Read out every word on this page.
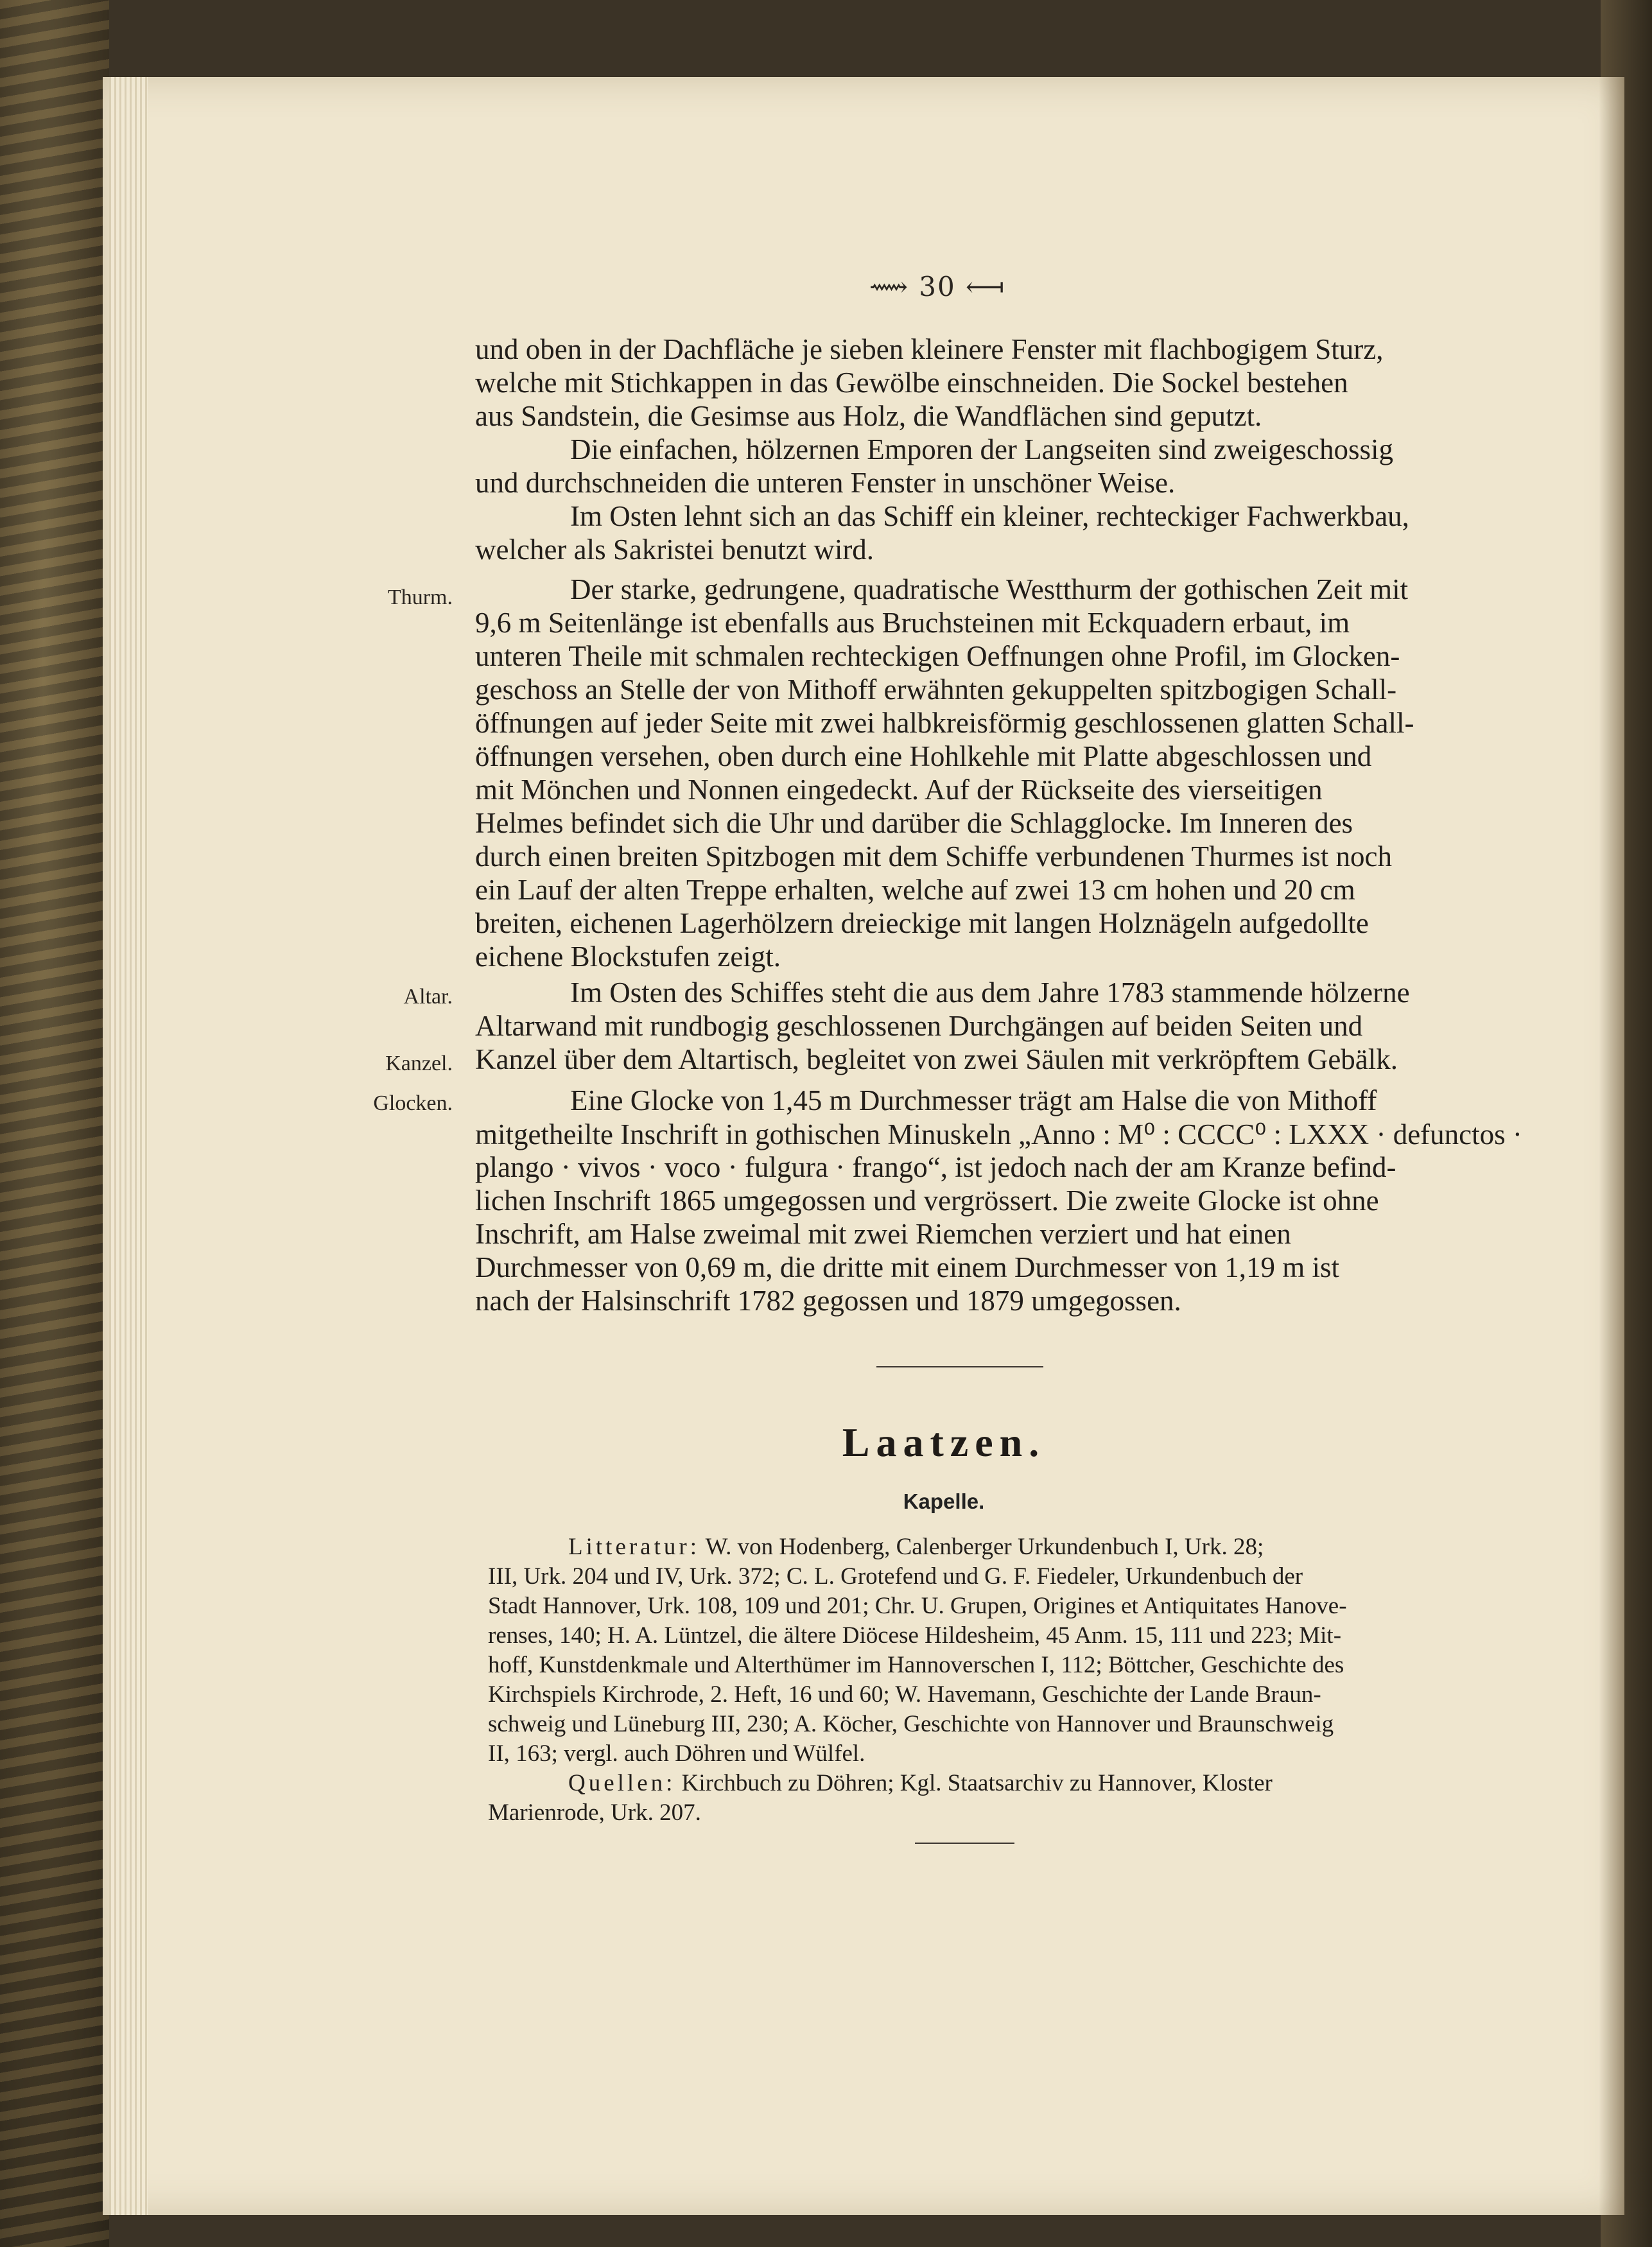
⟿ 30 ⟻
Thurm.
Altar.
Kanzel.
Glocken.
und oben in der Dachfläche je sieben kleinere Fenster mit flachbogigem Sturz,
welche mit Stichkappen in das Gewölbe einschneiden. Die Sockel bestehen
aus Sandstein, die Gesimse aus Holz, die Wandflächen sind geputzt.
Die einfachen, hölzernen Emporen der Langseiten sind zweigeschossig
und durchschneiden die unteren Fenster in unschöner Weise.
Im Osten lehnt sich an das Schiff ein kleiner, rechteckiger Fachwerkbau,
welcher als Sakristei benutzt wird.
Der starke, gedrungene, quadratische Westthurm der gothischen Zeit mit
9,6 m Seitenlänge ist ebenfalls aus Bruchsteinen mit Eckquadern erbaut, im
unteren Theile mit schmalen rechteckigen Oeffnungen ohne Profil, im Glocken-
geschoss an Stelle der von Mithoff erwähnten gekuppelten spitzbogigen Schall-
öffnungen auf jeder Seite mit zwei halbkreisförmig geschlossenen glatten Schall-
öffnungen versehen, oben durch eine Hohlkehle mit Platte abgeschlossen und
mit Mönchen und Nonnen eingedeckt. Auf der Rückseite des vierseitigen
Helmes befindet sich die Uhr und darüber die Schlagglocke. Im Inneren des
durch einen breiten Spitzbogen mit dem Schiffe verbundenen Thurmes ist noch
ein Lauf der alten Treppe erhalten, welche auf zwei 13 cm hohen und 20 cm
breiten, eichenen Lagerhölzern dreieckige mit langen Holznägeln aufgedollte
eichene Blockstufen zeigt.
Im Osten des Schiffes steht die aus dem Jahre 1783 stammende hölzerne
Altarwand mit rundbogig geschlossenen Durchgängen auf beiden Seiten und
Kanzel über dem Altartisch, begleitet von zwei Säulen mit verkröpftem Gebälk.
Eine Glocke von 1,45 m Durchmesser trägt am Halse die von Mithoff
mitgetheilte Inschrift in gothischen Minuskeln „Anno : M⁰ : CCCC⁰ : LXXX · defunctos ·
plango · vivos · voco · fulgura · frango“, ist jedoch nach der am Kranze befind-
lichen Inschrift 1865 umgegossen und vergrössert. Die zweite Glocke ist ohne
Inschrift, am Halse zweimal mit zwei Riemchen verziert und hat einen
Durchmesser von 0,69 m, die dritte mit einem Durchmesser von 1,19 m ist
nach der Halsinschrift 1782 gegossen und 1879 umgegossen.
Laatzen.
Kapelle.
Litteratur: W. von Hodenberg, Calenberger Urkundenbuch I, Urk. 28;
III, Urk. 204 und IV, Urk. 372; C. L. Grotefend und G. F. Fiedeler, Urkundenbuch der
Stadt Hannover, Urk. 108, 109 und 201; Chr. U. Grupen, Origines et Antiquitates Hanove-
renses, 140; H. A. Lüntzel, die ältere Diöcese Hildesheim, 45 Anm. 15, 111 und 223; Mit-
hoff, Kunstdenkmale und Alterthümer im Hannoverschen I, 112; Böttcher, Geschichte des
Kirchspiels Kirchrode, 2. Heft, 16 und 60; W. Havemann, Geschichte der Lande Braun-
schweig und Lüneburg III, 230; A. Köcher, Geschichte von Hannover und Braunschweig
II, 163; vergl. auch Döhren und Wülfel.
Quellen: Kirchbuch zu Döhren; Kgl. Staatsarchiv zu Hannover, Kloster
Marienrode, Urk. 207.
